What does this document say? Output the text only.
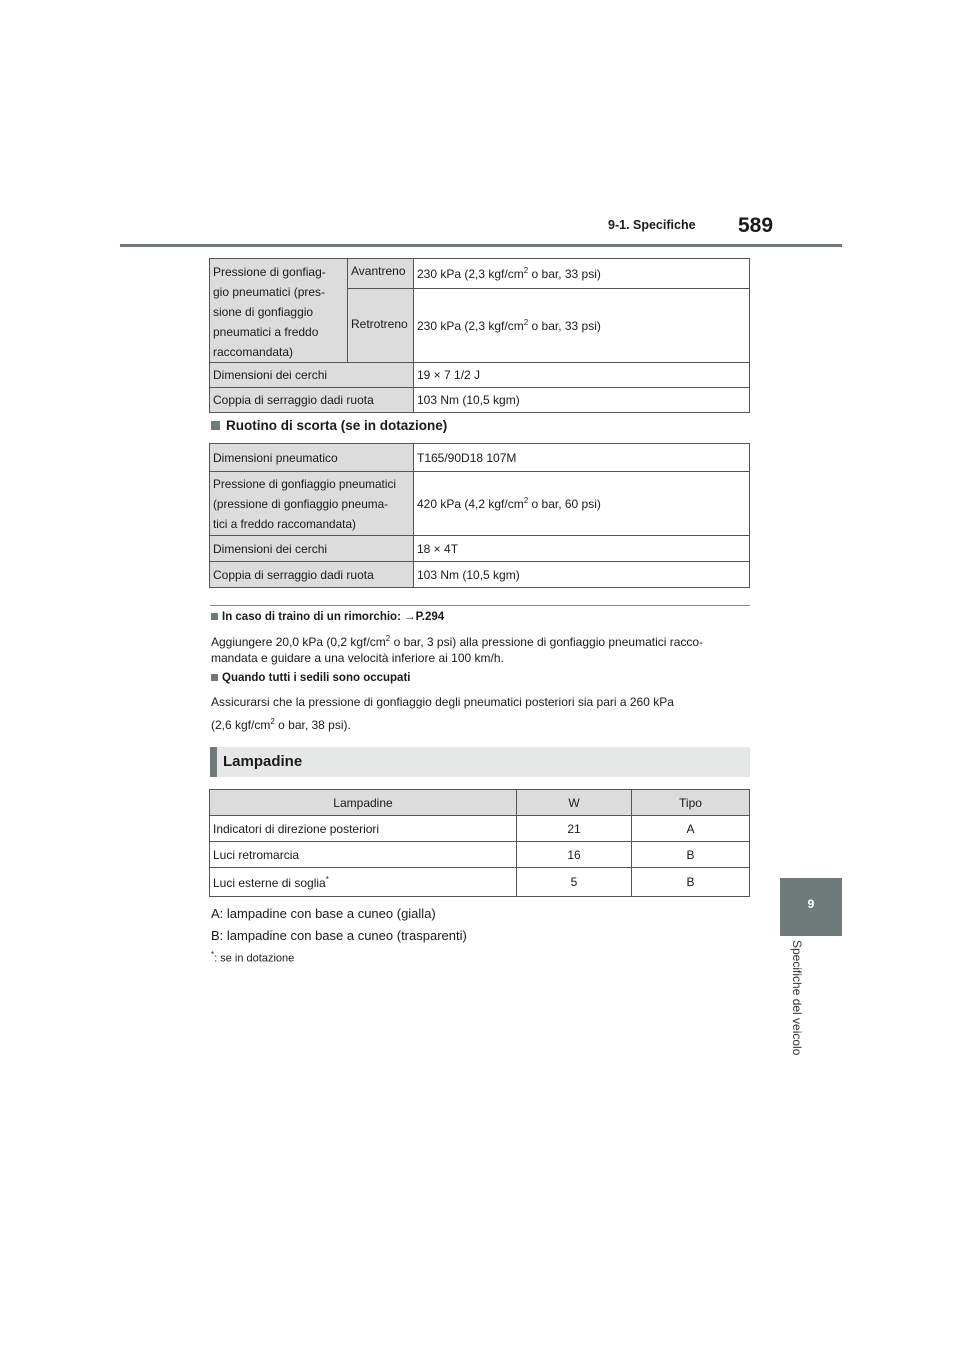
9-1. Specifiche 589
9
Specifiche del veicolo
Pressione di gonfiag-
gio pneumatici (pres-
sione di gonfiaggio
pneumatici a freddo
raccomandata)	Avantreno	230 kPa (2,3 kgf/$cm^2$ o bar, 33 psi)
	Retrotreno	230 kPa (2,3 kgf/$cm^2$ o bar, 33 psi)
Dimensioni dei cerchi		19 × 7 1/2 J
Coppia di serraggio dadi ruota		103 Nm (10,5 kgm)
Ruotino di scorta (se in dotazione)
Dimensioni pneumatico	T165/90D18 107M

Pressione di gonfiaggio pneumatici
(pressione di gonfiaggio pneuma-
tici a freddo raccomandata)	420 kPa (4,2 kgf/$cm^2$ o bar, 60 psi)
Dimensioni dei cerchi	18 × 4T
Coppia di serraggio dadi ruota	103 Nm (10,5 kgm)
In caso di traino di un rimorchio: →P.294
Aggiungere 20,0 kPa (0,2 kgf/$cm^2$ o bar, 3 psi) alla pressione di gonfiaggio pneumatici racco-
mandata e guidare a una velocità inferiore ai 100 km/h.
Quando tutti i sedili sono occupati
Assicurarsi che la pressione di gonfiaggio degli pneumatici posteriori sia pari a 260 kPa
(2,6 kgf/$cm^2$ o bar, 38 psi).
Lampadine
Lampadine	W	Tipo
Indicatori di direzione posteriori	21	A
Luci retromarcia	16	B
Luci esterne di soglia*	5	B
A: lampadine con base a cuneo (gialla)
B: lampadine con base a cuneo (trasparenti)
*: se in dotazione
